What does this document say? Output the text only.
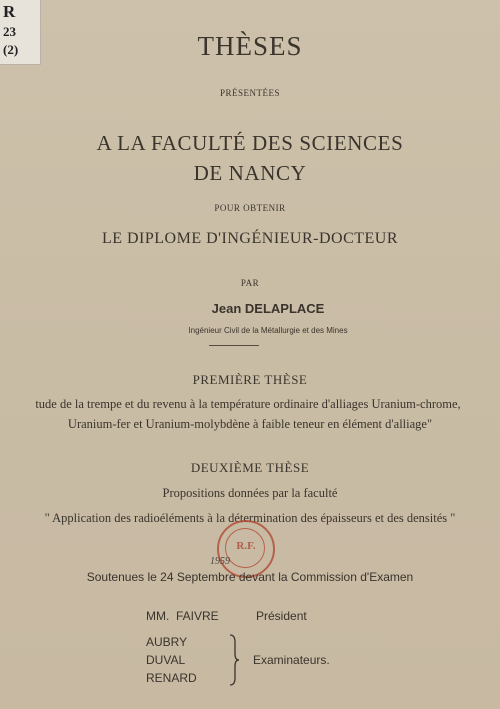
R
23
(2)	THÈSES
PRÉSENTÉES
A LA FACULTÉ DES SCIENCES
DE NANCY
POUR OBTENIR
LE DIPLOME D'INGÉNIEUR-DOCTEUR
PAR
Jean DELAPLACE
Ingénieur Civil de la Métallurgie et des Mines
PREMIÈRE THÈSE
tude de la trempe et du revenu à la température ordinaire d'alliages Uranium-chrome,
Uranium-fer et Uranium-molybdène à faible teneur en élément d'alliage"
DEUXIÈME THÈSE
Propositions données par la faculté
" Application des radioéléments à la détermination des épaisseurs et des densités "
R.F.
1959
Soutenues le 24 Septembre devant la Commission d'Examen
MM. FAIVRE	Président
AUBRY
DUVAL
RENARD
Examinateurs.
